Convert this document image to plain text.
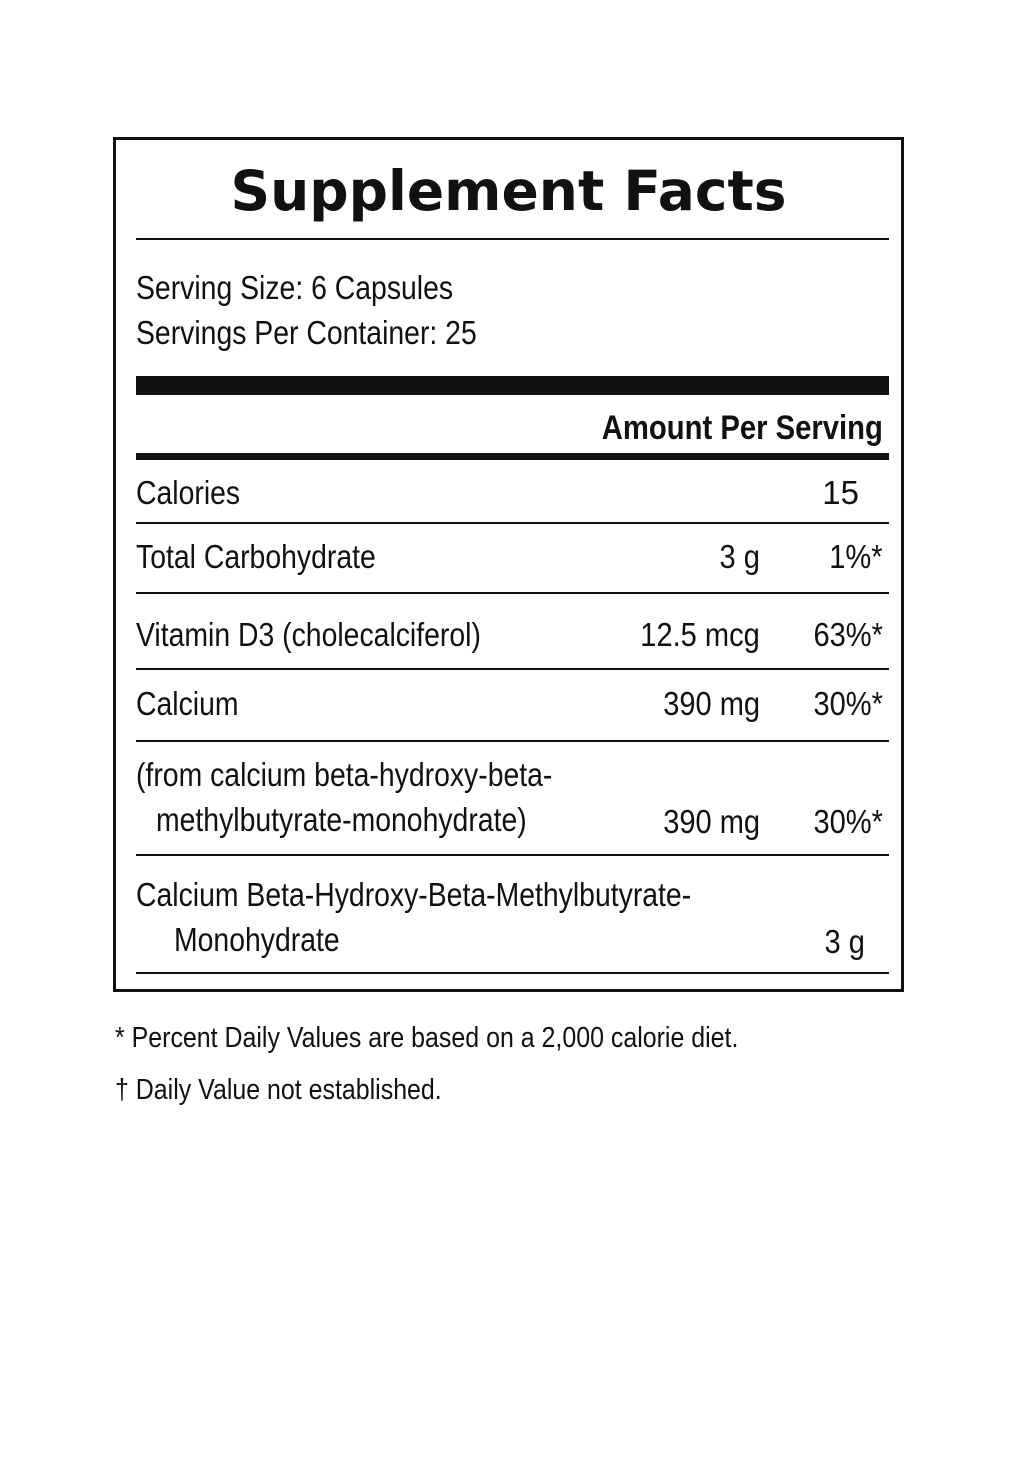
Supplement Facts
Serving Size: 6 Capsules
Servings Per Container: 25
Amount Per Serving
Calories	15
Total Carbohydrate	3 g 1%*
Vitamin D3 (cholecalciferol)	12.5 mcg 63%*
Calcium	390 mg 30%*
(from calcium beta-hydroxy-beta-
methylbutyrate-monohydrate)	390 mg 30%*
Calcium Beta-Hydroxy-Beta-Methylbutyrate-
Monohydrate	3 g
* Percent Daily Values are based on a 2,000 calorie diet.
† Daily Value not established.
